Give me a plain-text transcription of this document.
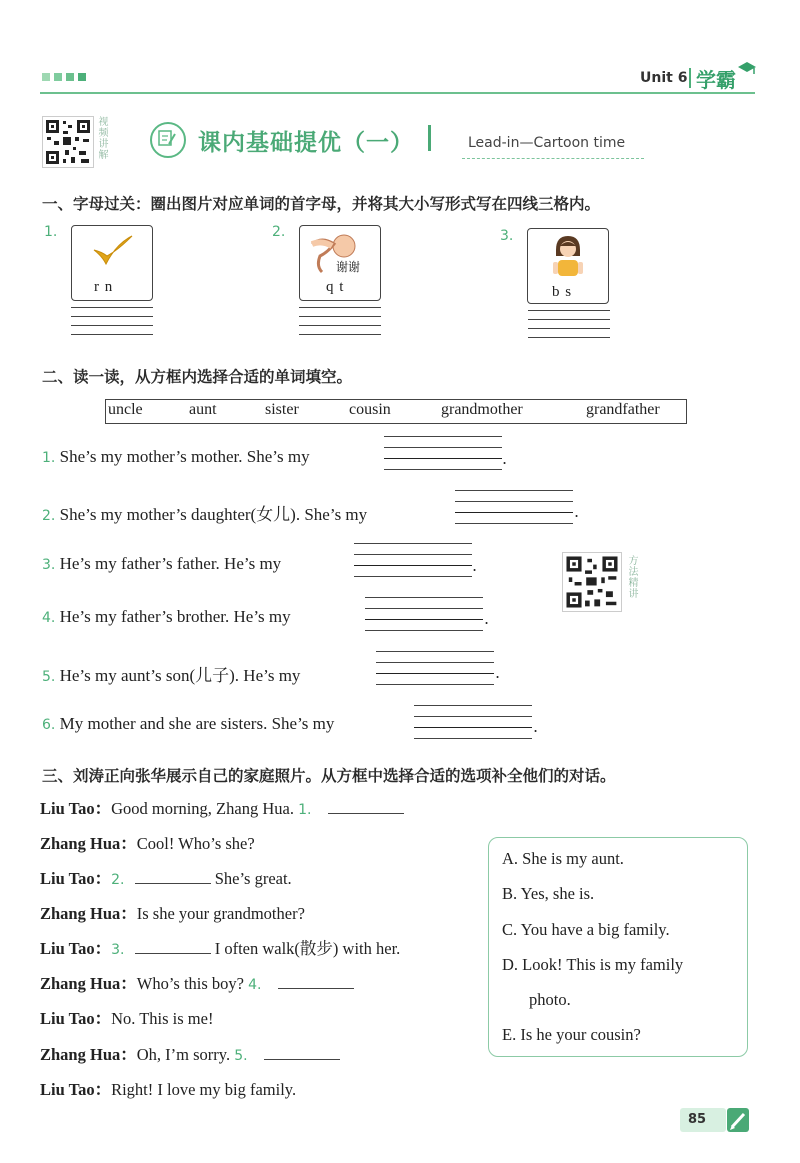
Unit 6 学霸
视频讲解	课内基础提优（一）	Lead-in—Cartoon time
一、字母过关：圈出图片对应单词的首字母，并将其大小写形式写在四线三格内。
1.
r n
2.
谢谢
q t
3.
b s
二、读一读，从方框内选择合适的单词填空。
uncle	aunt	sister	cousin	grandmother	grandfather
1. She’s my mother’s mother. She’s my	.
2. She’s my mother’s daughter(女儿). She’s my	.
3. He’s my father’s father. He’s my	.
4. He’s my father’s brother. He’s my	.
5. He’s my aunt’s son(儿子). He’s my	.
6. My mother and she are sisters. She’s my	.
方法精讲
三、刘涛正向张华展示自己的家庭照片。从方框中选择合适的选项补全他们的对话。
Liu Tao：Good morning, Zhang Hua. 1.
Zhang Hua：Cool! Who’s she?
Liu Tao：2.	She’s great.
Zhang Hua：Is she your grandmother?
Liu Tao：3.	I often walk(散步) with her.
Zhang Hua：Who’s this boy? 4.
Liu Tao：No. This is me!
Zhang Hua：Oh, I’m sorry. 5.
Liu Tao：Right! I love my big family.
A. She is my aunt.
B. Yes, she is.
C. You have a big family.
D. Look! This is my family
photo.
E. Is he your cousin?
85
